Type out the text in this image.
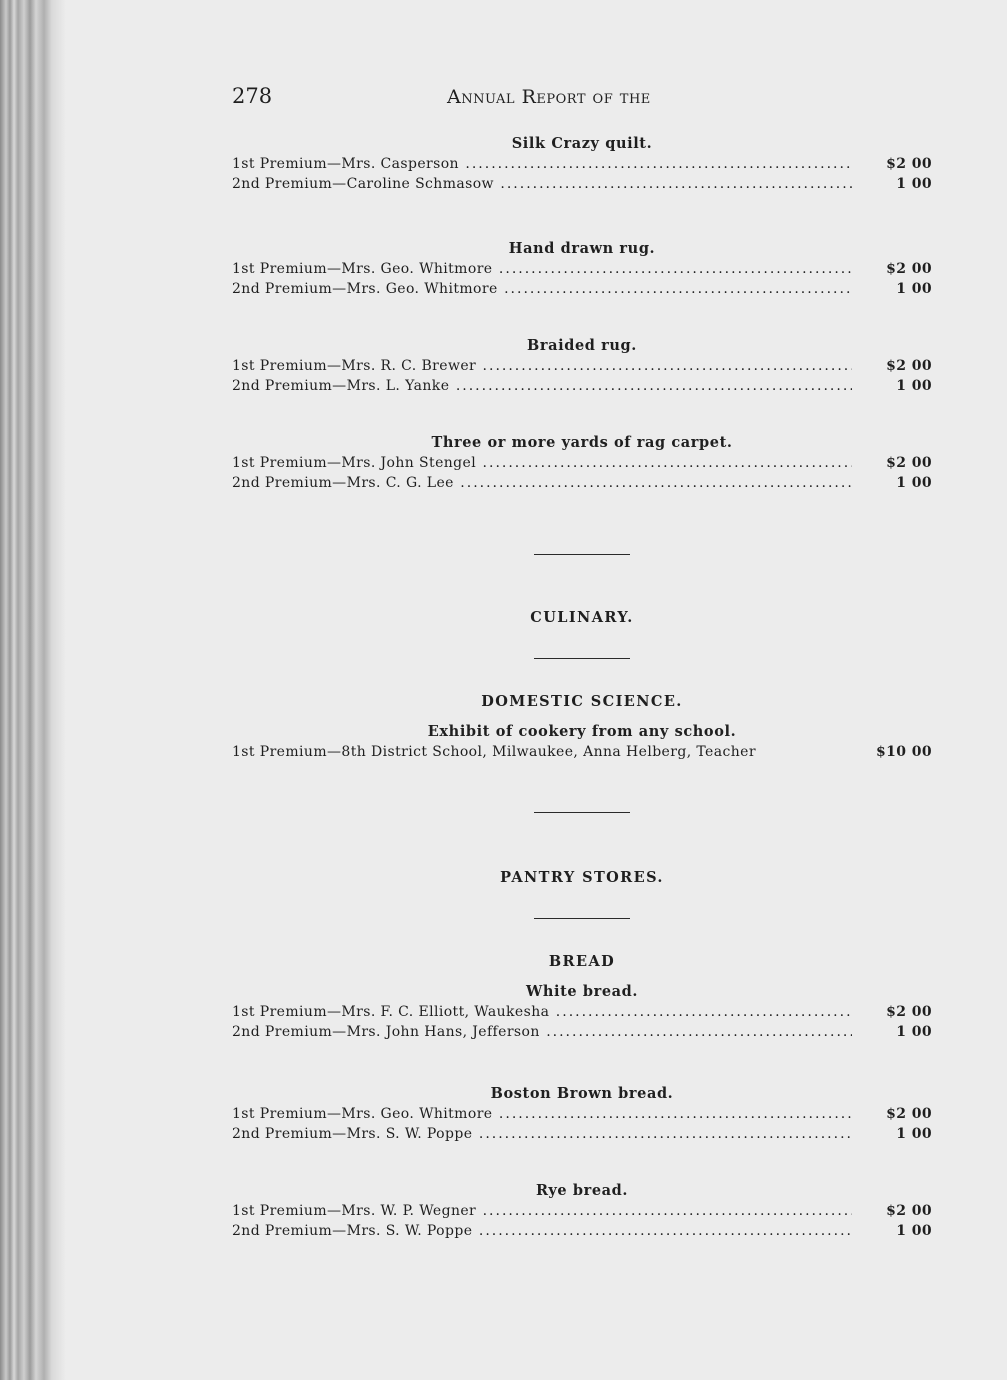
278	Annual Report of the
Silk Crazy quilt.
1st Premium—Mrs. Casperson .....	$2 00
2nd Premium—Caroline Schmasow .....	1 00
Hand drawn rug.
1st Premium—Mrs. Geo. Whitmore .....	$2 00
2nd Premium—Mrs. Geo. Whitmore .....	1 00
Braided rug.
1st Premium—Mrs. R. C. Brewer .....	$2 00
2nd Premium—Mrs. L. Yanke .....	1 00
Three or more yards of rag carpet.
1st Premium—Mrs. John Stengel .....	$2 00
2nd Premium—Mrs. C. G. Lee .....	1 00
CULINARY.
DOMESTIC SCIENCE.
Exhibit of cookery from any school.
1st Premium—8th District School, Milwaukee, Anna Helberg, Teacher	$10 00
PANTRY STORES.
BREAD
White bread.
1st Premium—Mrs. F. C. Elliott, Waukesha .....	$2 00
2nd Premium—Mrs. John Hans, Jefferson .....	1 00
Boston Brown bread.
1st Premium—Mrs. Geo. Whitmore .....	$2 00
2nd Premium—Mrs. S. W. Poppe .....	1 00
Rye bread.
1st Premium—Mrs. W. P. Wegner .....	$2 00
2nd Premium—Mrs. S. W. Poppe .....	1 00
